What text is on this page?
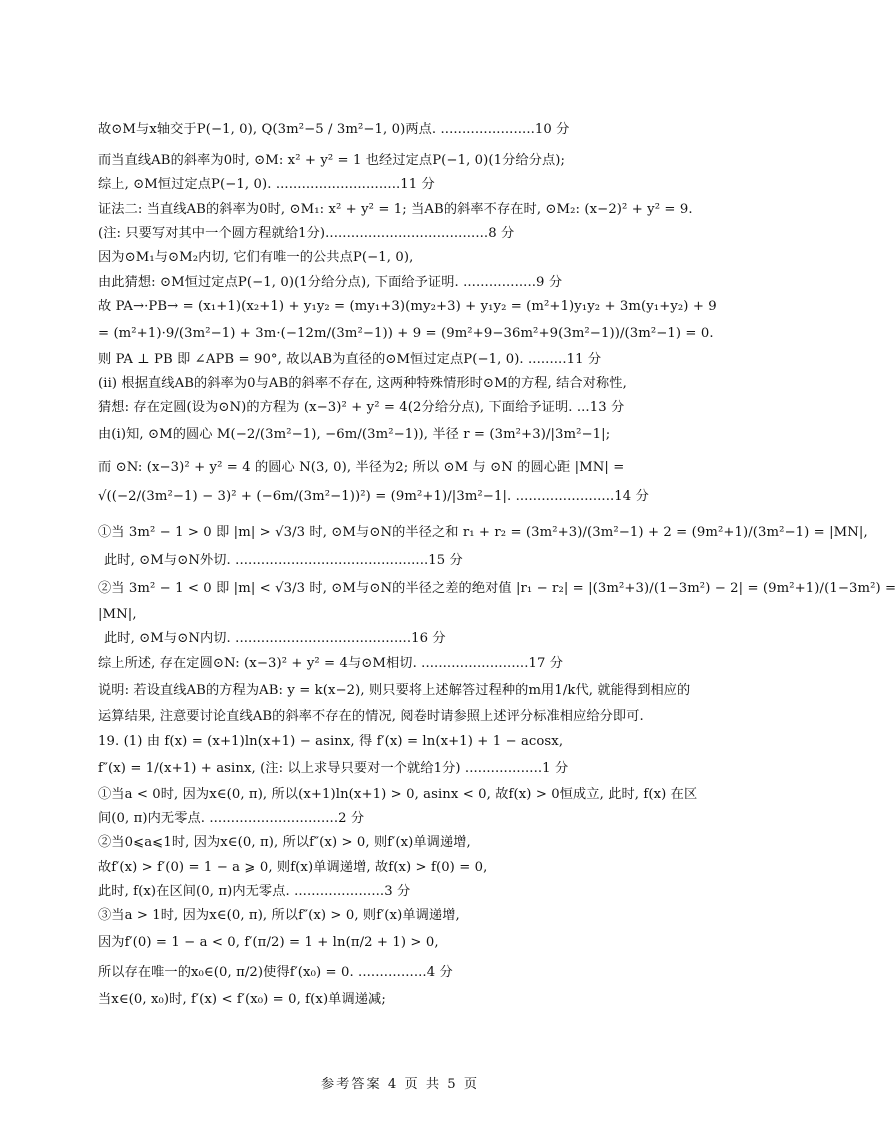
故⊙M与x轴交于P(−1, 0), Q(3m²−5 / 3m²−1, 0)两点. ......................10 分
而当直线AB的斜率为0时, ⊙M: x² + y² = 1 也经过定点P(−1, 0)(1分给分点);
综上, ⊙M恒过定点P(−1, 0). .............................11 分
证法二: 当直线AB的斜率为0时, ⊙M₁: x² + y² = 1; 当AB的斜率不存在时, ⊙M₂: (x−2)² + y² = 9.
(注: 只要写对其中一个圆方程就给1分)......................................8 分
因为⊙M₁与⊙M₂内切, 它们有唯一的公共点P(−1, 0),
由此猜想: ⊙M恒过定点P(−1, 0)(1分给分点), 下面给予证明. .................9 分
故 PA→·PB→ = (x₁+1)(x₂+1) + y₁y₂ = (my₁+3)(my₂+3) + y₁y₂ = (m²+1)y₁y₂ + 3m(y₁+y₂) + 9
= (m²+1)·9/(3m²−1) + 3m·(−12m/(3m²−1)) + 9 = (9m²+9−36m²+9(3m²−1))/(3m²−1) = 0.
则 PA ⊥ PB 即 ∠APB = 90°, 故以AB为直径的⊙M恒过定点P(−1, 0). .........11 分
(ii) 根据直线AB的斜率为0与AB的斜率不存在, 这两种特殊情形时⊙M的方程, 结合对称性,
猜想: 存在定圆(设为⊙N)的方程为 (x−3)² + y² = 4(2分给分点), 下面给予证明. ...13 分
由(i)知, ⊙M的圆心 M(−2/(3m²−1), −6m/(3m²−1)), 半径 r = (3m²+3)/|3m²−1|;
而 ⊙N: (x−3)² + y² = 4 的圆心 N(3, 0), 半径为2; 所以 ⊙M 与 ⊙N 的圆心距 |MN| =
√((−2/(3m²−1) − 3)² + (−6m/(3m²−1))²) = (9m²+1)/|3m²−1|. .......................14 分
①当 3m² − 1 > 0 即 |m| > √3/3 时, ⊙M与⊙N的半径之和 r₁ + r₂ = (3m²+3)/(3m²−1) + 2 = (9m²+1)/(3m²−1) = |MN|,
此时, ⊙M与⊙N外切. .............................................15 分
②当 3m² − 1 < 0 即 |m| < √3/3 时, ⊙M与⊙N的半径之差的绝对值 |r₁ − r₂| = |(3m²+3)/(1−3m²) − 2| = (9m²+1)/(1−3m²) =
|MN|,
此时, ⊙M与⊙N内切. .........................................16 分
综上所述, 存在定圆⊙N: (x−3)² + y² = 4与⊙M相切. .........................17 分
说明: 若设直线AB的方程为AB: y = k(x−2), 则只要将上述解答过程种的m用1/k代, 就能得到相应的
运算结果, 注意要讨论直线AB的斜率不存在的情况, 阅卷时请参照上述评分标准相应给分即可.
19. (1) 由 f(x) = (x+1)ln(x+1) − asinx, 得 f′(x) = ln(x+1) + 1 − acosx,
f″(x) = 1/(x+1) + asinx, (注: 以上求导只要对一个就给1分) ..................1 分
①当a < 0时, 因为x∈(0, π), 所以(x+1)ln(x+1) > 0, asinx < 0, 故f(x) > 0恒成立, 此时, f(x) 在区
间(0, π)内无零点. ..............................2 分
②当0⩽a⩽1时, 因为x∈(0, π), 所以f″(x) > 0, 则f′(x)单调递增,
故f′(x) > f′(0) = 1 − a ⩾ 0, 则f(x)单调递增, 故f(x) > f(0) = 0,
此时, f(x)在区间(0, π)内无零点. .....................3 分
③当a > 1时, 因为x∈(0, π), 所以f″(x) > 0, 则f′(x)单调递增,
因为f′(0) = 1 − a < 0, f′(π/2) = 1 + ln(π/2 + 1) > 0,
所以存在唯一的x₀∈(0, π/2)使得f′(x₀) = 0. ................4 分
当x∈(0, x₀)时, f′(x) < f′(x₀) = 0, f(x)单调递减;
参考答案 4 页 共 5 页
